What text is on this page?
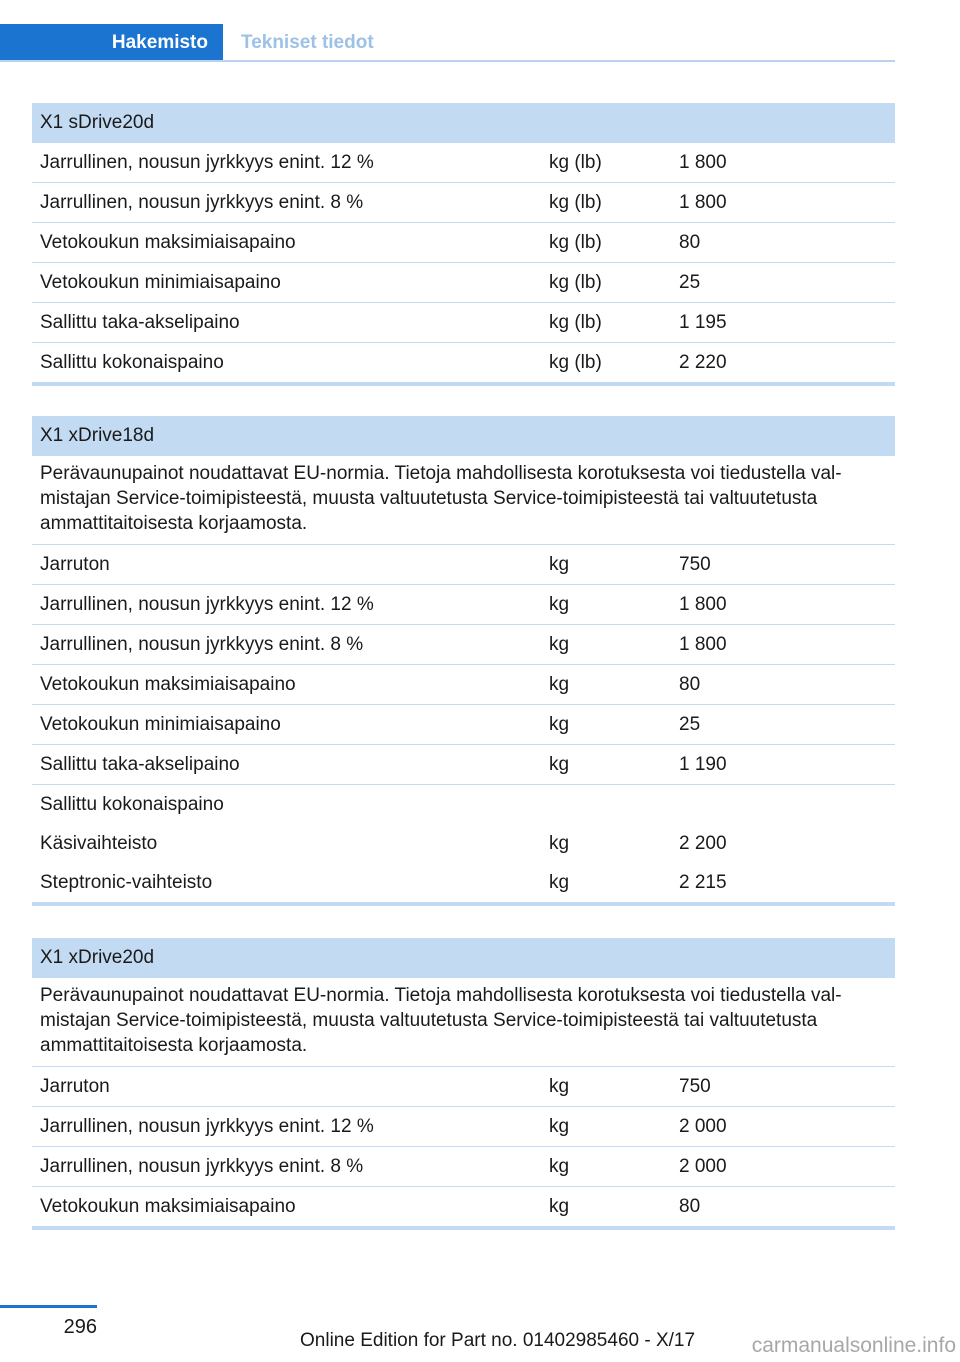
Hakemisto	Tekniset tiedot
X1 sDrive20d
Jarrullinen, nousun jyrkkyys enint. 12 %	kg (lb)	1 800
Jarrullinen, nousun jyrkkyys enint. 8 %	kg (lb)	1 800
Vetokoukun maksimiaisapaino	kg (lb)	80
Vetokoukun minimiaisapaino	kg (lb)	25
Sallittu taka-akselipaino	kg (lb)	1 195
Sallittu kokonaispaino	kg (lb)	2 220
X1 xDrive18d
Perävaunupainot noudattavat EU-normia. Tietoja mahdollisesta korotuksesta voi tiedustella val-mistajan Service-toimipisteestä, muusta valtuutetusta Service-toimipisteestä tai valtuutetusta ammattitaitoisesta korjaamosta.
Jarruton	kg	750
Jarrullinen, nousun jyrkkyys enint. 12 %	kg	1 800
Jarrullinen, nousun jyrkkyys enint. 8 %	kg	1 800
Vetokoukun maksimiaisapaino	kg	80
Vetokoukun minimiaisapaino	kg	25
Sallittu taka-akselipaino	kg	1 190
Sallittu kokonaispaino
Käsivaihteisto	kg	2 200
Steptronic-vaihteisto	kg	2 215
X1 xDrive20d
Perävaunupainot noudattavat EU-normia. Tietoja mahdollisesta korotuksesta voi tiedustella val-mistajan Service-toimipisteestä, muusta valtuutetusta Service-toimipisteestä tai valtuutetusta ammattitaitoisesta korjaamosta.
Jarruton	kg	750
Jarrullinen, nousun jyrkkyys enint. 12 %	kg	2 000
Jarrullinen, nousun jyrkkyys enint. 8 %	kg	2 000
Vetokoukun maksimiaisapaino	kg	80
296
Online Edition for Part no. 01402985460 - X/17	carmanualsonline.info
